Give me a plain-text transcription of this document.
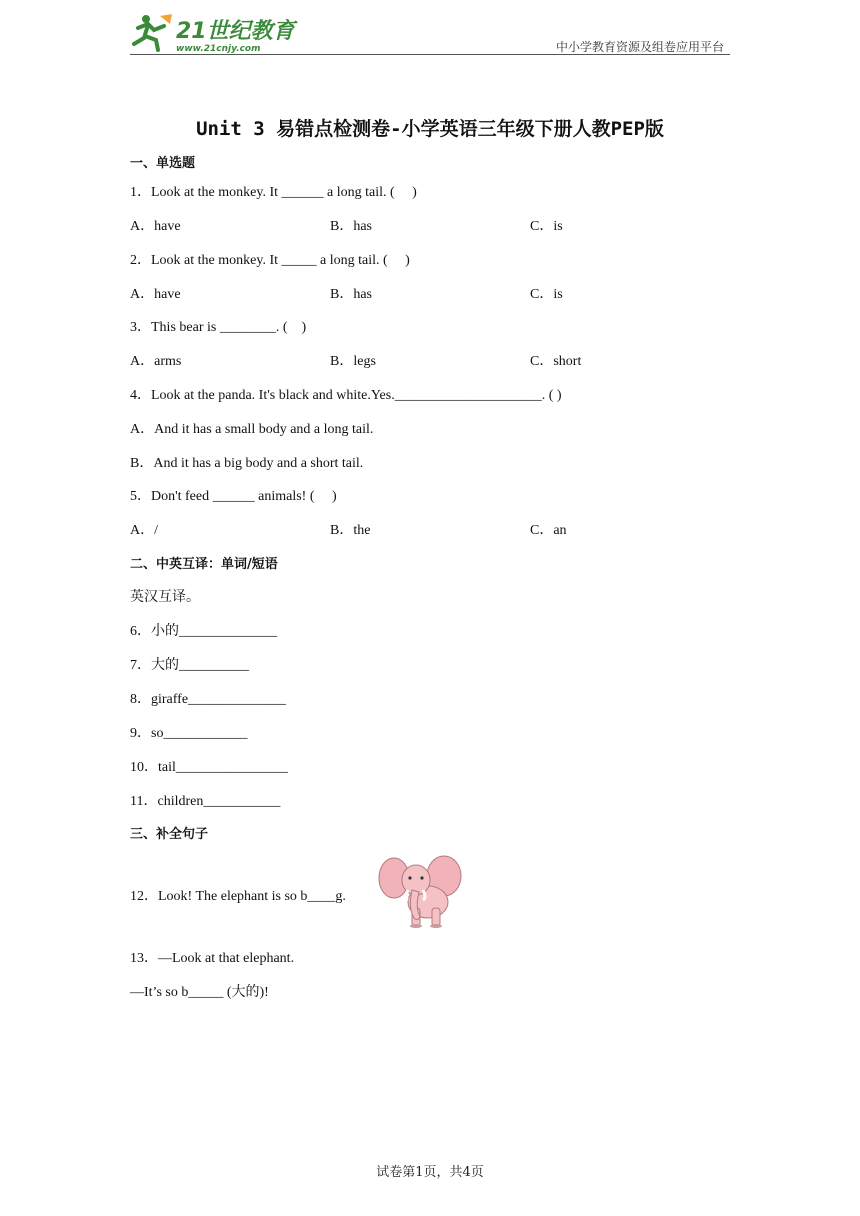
21世纪教育
www.21cnjy.com	中小学教育资源及组卷应用平台
Unit 3 易错点检测卷-小学英语三年级下册人教PEP版
一、单选题
1．Look at the monkey. It ______ a long tail. (　 )
A．have	B．has	C．is
2．Look at the monkey. It _____ a long tail. (　 )
A．have	B．has	C．is
3．This bear is ________. (　)
A．arms	B．legs	C．short
4．Look at the panda. It's black and white.Yes._____________________. ( )
A．And it has a small body and a long tail.
B．And it has a big body and a short tail.
5．Don't feed ______ animals! (　 )
A．/	B．the	C．an
二、中英互译：单词/短语
英汉互译。
6．小的______________
7．大的__________
8．giraffe______________
9．so____________
10．tail________________
11．children___________
三、补全句子
12．Look! The elephant is so b____g.
13．—Look at that elephant.
—It’s so b_____ (大的)!
试卷第1页，共4页
